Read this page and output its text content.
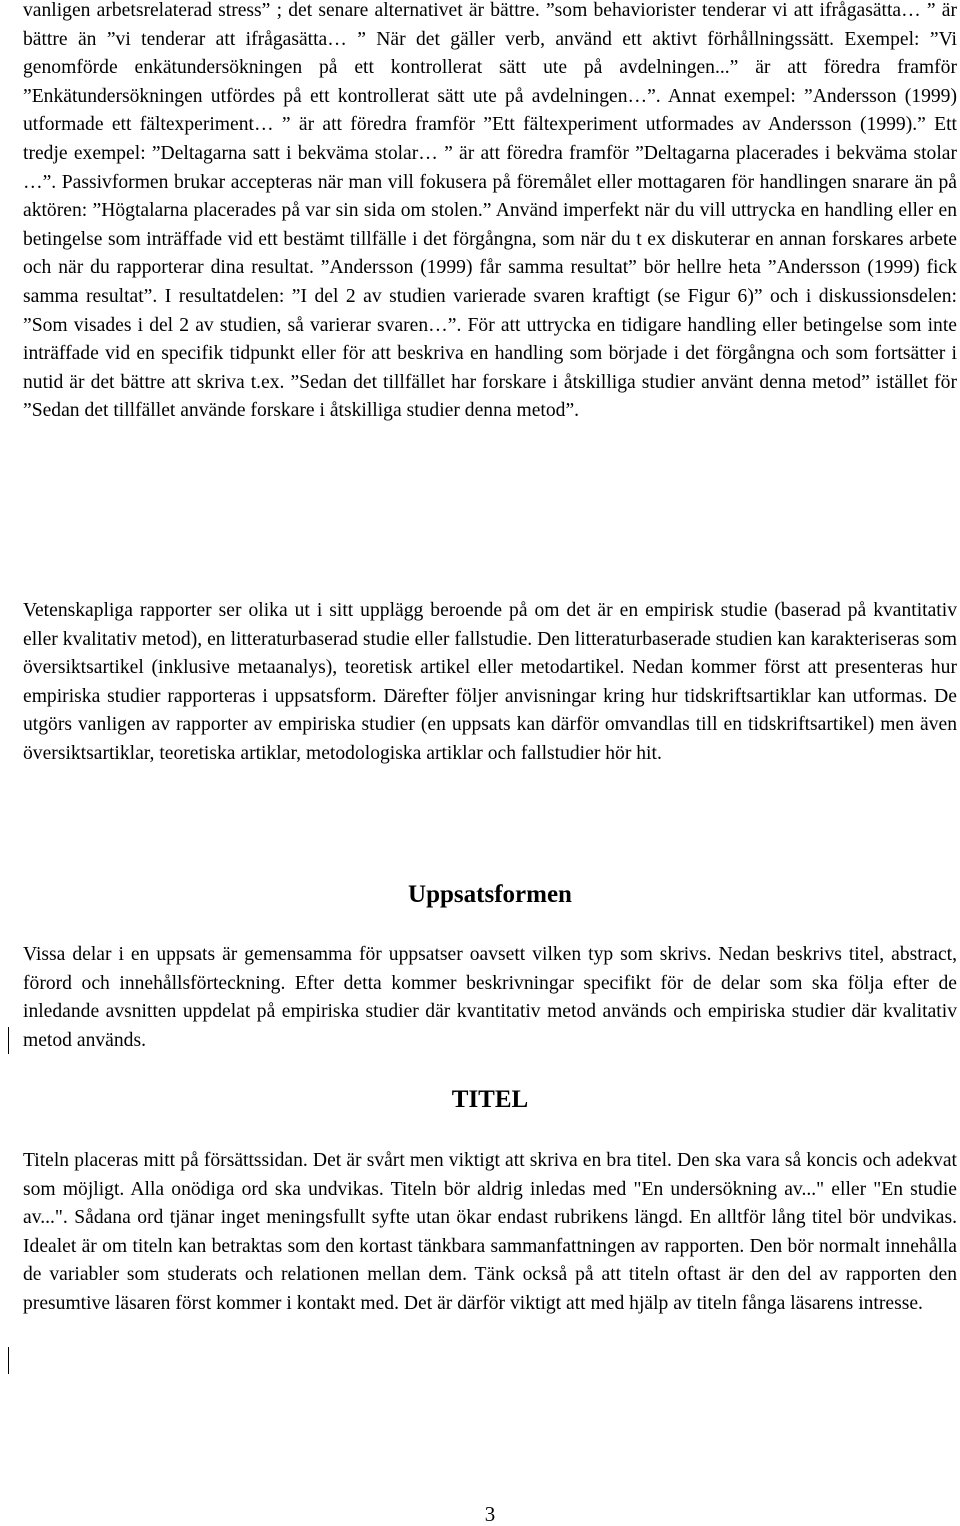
vanligen arbetsrelaterad stress” ; det senare alternativet är bättre. ”som behaviorister tenderar vi att ifrågasätta… ” är bättre än ”vi tenderar att ifrågasätta… ” När det gäller verb, använd ett aktivt förhållningssätt. Exempel: ”Vi genomförde enkätundersökningen på ett kontrollerat sätt ute på avdelningen...” är att föredra framför ”Enkätundersökningen utfördes på ett kontrollerat sätt ute på avdelningen…”. Annat exempel: ”Andersson (1999) utformade ett fältexperiment… ” är att föredra framför ”Ett fältexperiment utformades av Andersson (1999).” Ett tredje exempel: ”Deltagarna satt i bekväma stolar… ” är att föredra framför ”Deltagarna placerades i bekväma stolar …”. Passivformen brukar accepteras när man vill fokusera på föremålet eller mottagaren för handlingen snarare än på aktören: ”Högtalarna placerades på var sin sida om stolen.” Använd imperfekt när du vill uttrycka en handling eller en betingelse som inträffade vid ett bestämt tillfälle i det förgångna, som när du t ex diskuterar en annan forskares arbete och när du rapporterar dina resultat. ”Andersson (1999) får samma resultat” bör hellre heta ”Andersson (1999) fick samma resultat”. I resultatdelen: ”I del 2 av studien varierade svaren kraftigt (se Figur 6)” och i diskussionsdelen: ”Som visades i del 2 av studien, så varierar svaren…”. För att uttrycka en tidigare handling eller betingelse som inte inträffade vid en specifik tidpunkt eller för att beskriva en handling som började i det förgångna och som fortsätter i nutid är det bättre att skriva t.ex. ”Sedan det tillfället har forskare i åtskilliga studier använt denna metod” istället för ”Sedan det tillfället använde forskare i åtskilliga studier denna metod”.

Vetenskapliga rapporter ser olika ut i sitt upplägg beroende på om det är en empirisk studie (baserad på kvantitativ eller kvalitativ metod), en litteraturbaserad studie eller fallstudie. Den litteraturbaserade studien kan karakteriseras som översiktsartikel (inklusive metaanalys), teoretisk artikel eller metodartikel. Nedan kommer först att presenteras hur empiriska studier rapporteras i uppsatsform. Därefter följer anvisningar kring hur tidskriftsartiklar kan utformas. De utgörs vanligen av rapporter av empiriska studier (en uppsats kan därför omvandlas till en tidskriftsartikel) men även översiktsartiklar, teoretiska artiklar, metodologiska artiklar och fallstudier hör hit.

Uppsatsformen

Vissa delar i en uppsats är gemensamma för uppsatser oavsett vilken typ som skrivs. Nedan beskrivs titel, abstract, förord och innehållsförteckning. Efter detta kommer beskrivningar specifikt för de delar som ska följa efter de inledande avsnitten uppdelat på empiriska studier där kvantitativ metod används och empiriska studier där kvalitativ metod används.

TITEL

Titeln placeras mitt på försättssidan. Det är svårt men viktigt att skriva en bra titel. Den ska vara så koncis och adekvat som möjligt. Alla onödiga ord ska undvikas. Titeln bör aldrig inledas med "En undersökning av..." eller "En studie av...". Sådana ord tjänar inget meningsfullt syfte utan ökar endast rubrikens längd. En alltför lång titel bör undvikas. Idealet är om titeln kan betraktas som den kortast tänkbara sammanfattningen av rapporten. Den bör normalt innehålla de variabler som studerats och relationen mellan dem. Tänk också på att titeln oftast är den del av rapporten den presumtive läsaren först kommer i kontakt med. Det är därför viktigt att med hjälp av titeln fånga läsarens intresse.

3
